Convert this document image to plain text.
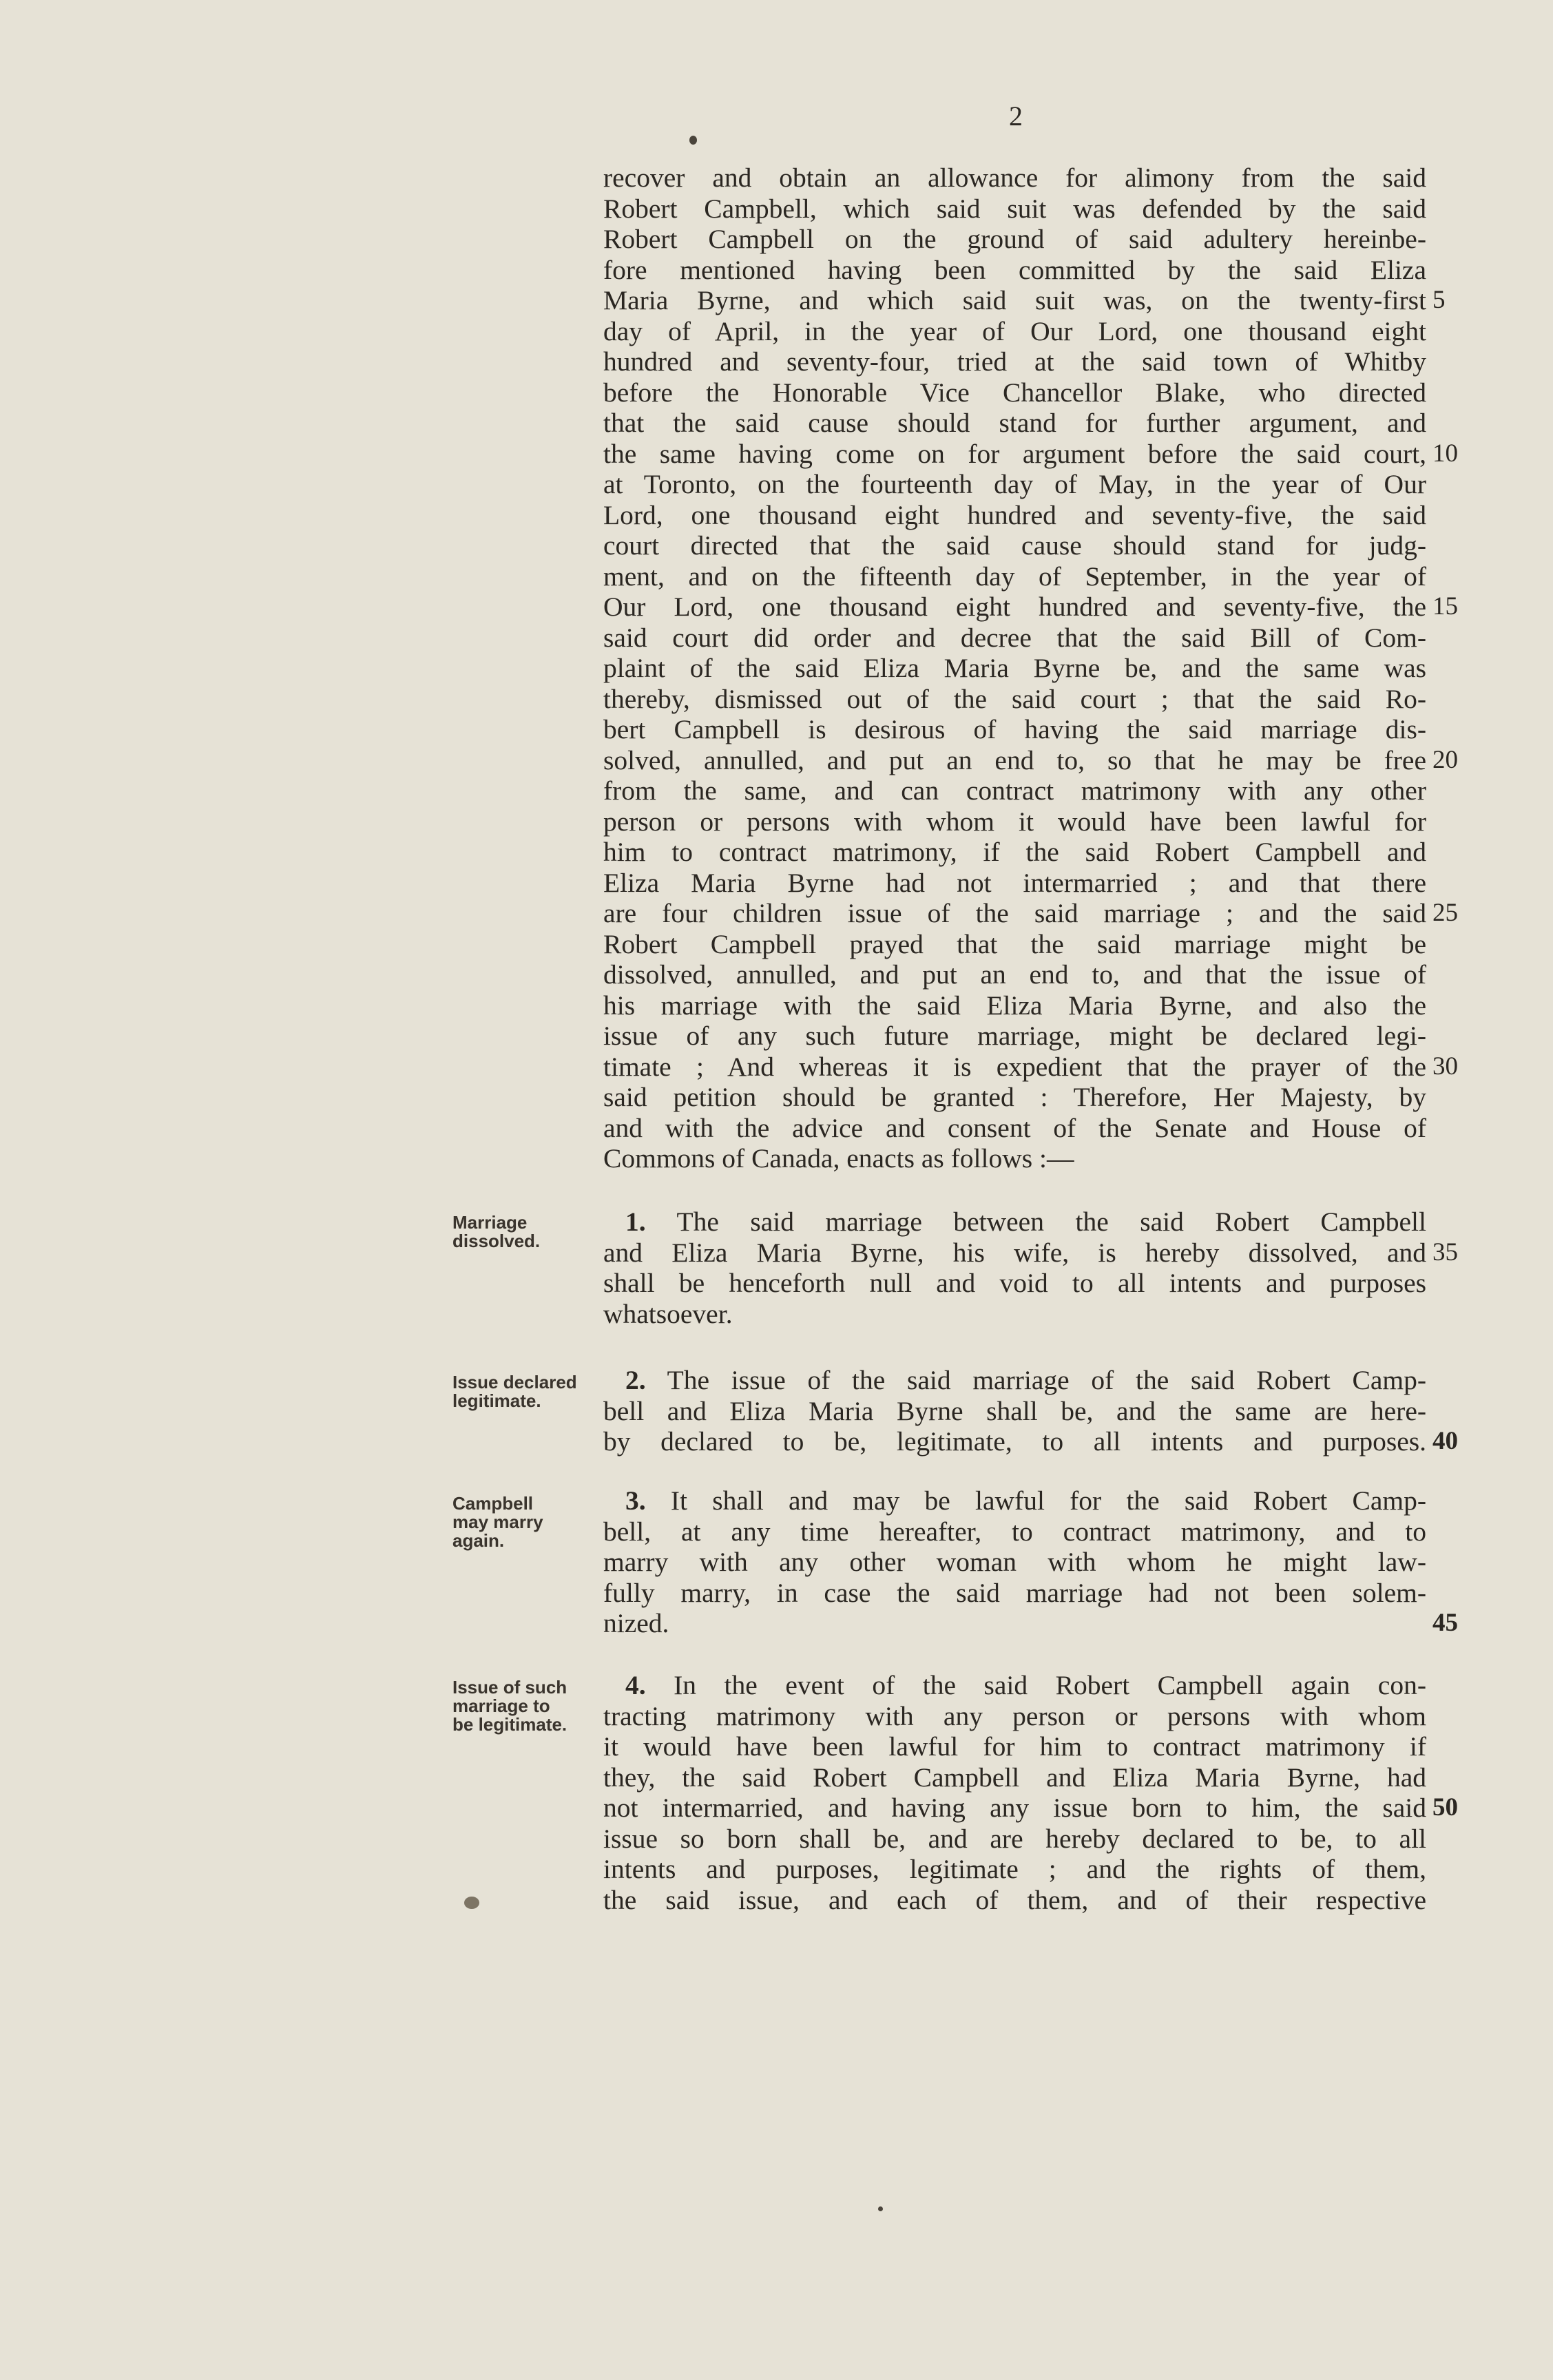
2
recover and obtain an allowance for alimony from the said
Robert Campbell, which said suit was defended by the said
Robert Campbell on the ground of said adultery hereinbe-
fore mentioned having been committed by the said Eliza
Maria Byrne, and which said suit was, on the twenty-first
day of April, in the year of Our Lord, one thousand eight
hundred and seventy-four, tried at the said town of Whitby
before the Honorable Vice Chancellor Blake, who directed
that the said cause should stand for further argument, and
the same having come on for argument before the said court,
at Toronto, on the fourteenth day of May, in the year of Our
Lord, one thousand eight hundred and seventy-five, the said
court directed that the said cause should stand for judg-
ment, and on the fifteenth day of September, in the year of
Our Lord, one thousand eight hundred and seventy-five, the
said court did order and decree that the said Bill of Com-
plaint of the said Eliza Maria Byrne be, and the same was
thereby, dismissed out of the said court ; that the said Ro-
bert Campbell is desirous of having the said marriage dis-
solved, annulled, and put an end to, so that he may be free
from the same, and can contract matrimony with any other
person or persons with whom it would have been lawful for
him to contract matrimony, if the said Robert Campbell and
Eliza Maria Byrne had not intermarried ; and that there
are four children issue of the said marriage ; and the said
Robert Campbell prayed that the said marriage might be
dissolved, annulled, and put an end to, and that the issue of
his marriage with the said Eliza Maria Byrne, and also the
issue of any such future marriage, might be declared legi-
timate ; And whereas it is expedient that the prayer of the
said petition should be granted : Therefore, Her Majesty, by
and with the advice and consent of the Senate and House of
Commons of Canada, enacts as follows :—
Marriage
dissolved.
1. The said marriage between the said Robert Campbell
and Eliza Maria Byrne, his wife, is hereby dissolved, and
shall be henceforth null and void to all intents and purposes
whatsoever.
Issue declared
legitimate.
2. The issue of the said marriage of the said Robert Camp-
bell and Eliza Maria Byrne shall be, and the same are here-
by declared to be, legitimate, to all intents and purposes.
Campbell
may marry
again.
3. It shall and may be lawful for the said Robert Camp-
bell, at any time hereafter, to contract matrimony, and to
marry with any other woman with whom he might law-
fully marry, in case the said marriage had not been solem-
nized.
Issue of such
marriage to
be legitimate.
4. In the event of the said Robert Campbell again con-
tracting matrimony with any person or persons with whom
it would have been lawful for him to contract matrimony if
they, the said Robert Campbell and Eliza Maria Byrne, had
not intermarried, and having any issue born to him, the said
issue so born shall be, and are hereby declared to be, to all
intents and purposes, legitimate ; and the rights of them,
the said issue, and each of them, and of their respective
5
10
15
20
25
30
35
40
45
50
